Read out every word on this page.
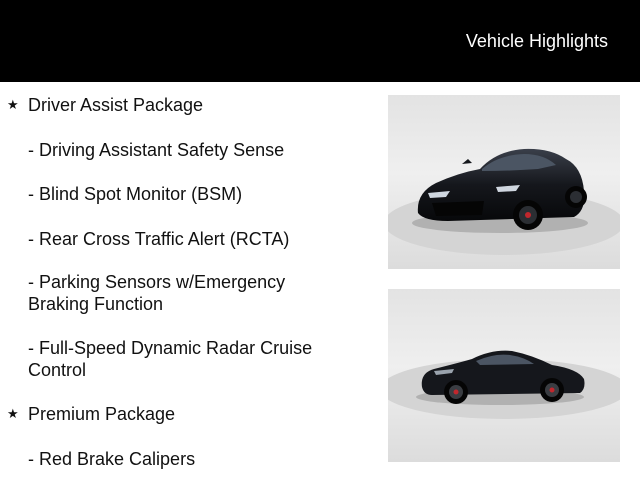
Vehicle Highlights
★ Driver Assist Package
- Driving Assistant Safety Sense
- Blind Spot Monitor (BSM)
- Rear Cross Traffic Alert (RCTA)
- Parking Sensors w/Emergency Braking Function
- Full-Speed Dynamic Radar Cruise Control
★ Premium Package
- Red Brake Calipers
